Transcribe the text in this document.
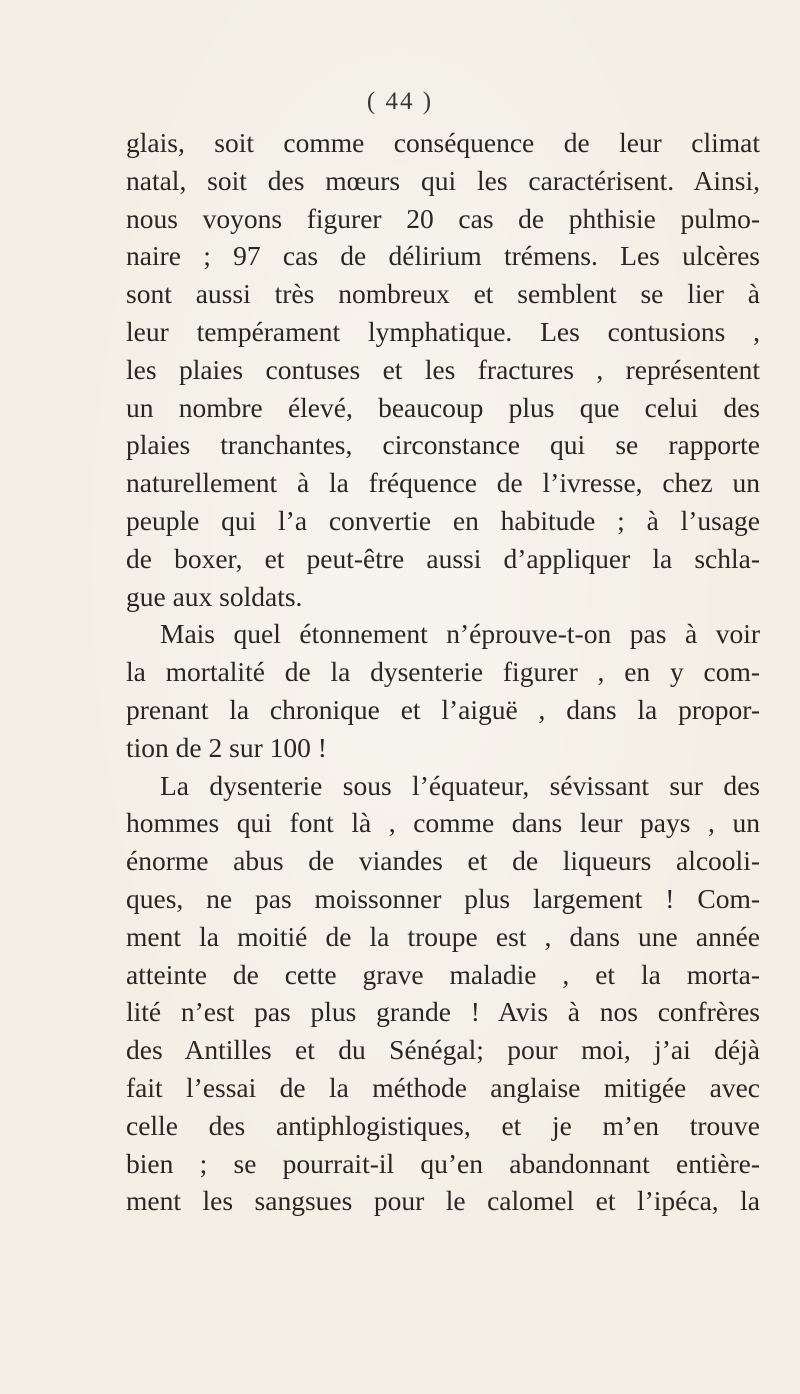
( 44 )
glais, soit comme conséquence de leur climat
natal, soit des mœurs qui les caractérisent. Ainsi,
nous voyons figurer 20 cas de phthisie pulmo-
naire ; 97 cas de délirium trémens. Les ulcères
sont aussi très nombreux et semblent se lier à
leur tempérament lymphatique. Les contusions ,
les plaies contuses et les fractures , représentent
un nombre élevé, beaucoup plus que celui des
plaies tranchantes, circonstance qui se rapporte
naturellement à la fréquence de l’ivresse, chez un
peuple qui l’a convertie en habitude ; à l’usage
de boxer, et peut-être aussi d’appliquer la schla-
gue aux soldats.
Mais quel étonnement n’éprouve-t-on pas à voir
la mortalité de la dysenterie figurer , en y com-
prenant la chronique et l’aiguë , dans la propor-
tion de 2 sur 100 !
La dysenterie sous l’équateur, sévissant sur des
hommes qui font là , comme dans leur pays , un
énorme abus de viandes et de liqueurs alcooli-
ques, ne pas moissonner plus largement ! Com-
ment la moitié de la troupe est , dans une année
atteinte de cette grave maladie , et la morta-
lité n’est pas plus grande ! Avis à nos confrères
des Antilles et du Sénégal; pour moi, j’ai déjà
fait l’essai de la méthode anglaise mitigée avec
celle des antiphlogistiques, et je m’en trouve
bien ; se pourrait-il qu’en abandonnant entière-
ment les sangsues pour le calomel et l’ipéca, la
